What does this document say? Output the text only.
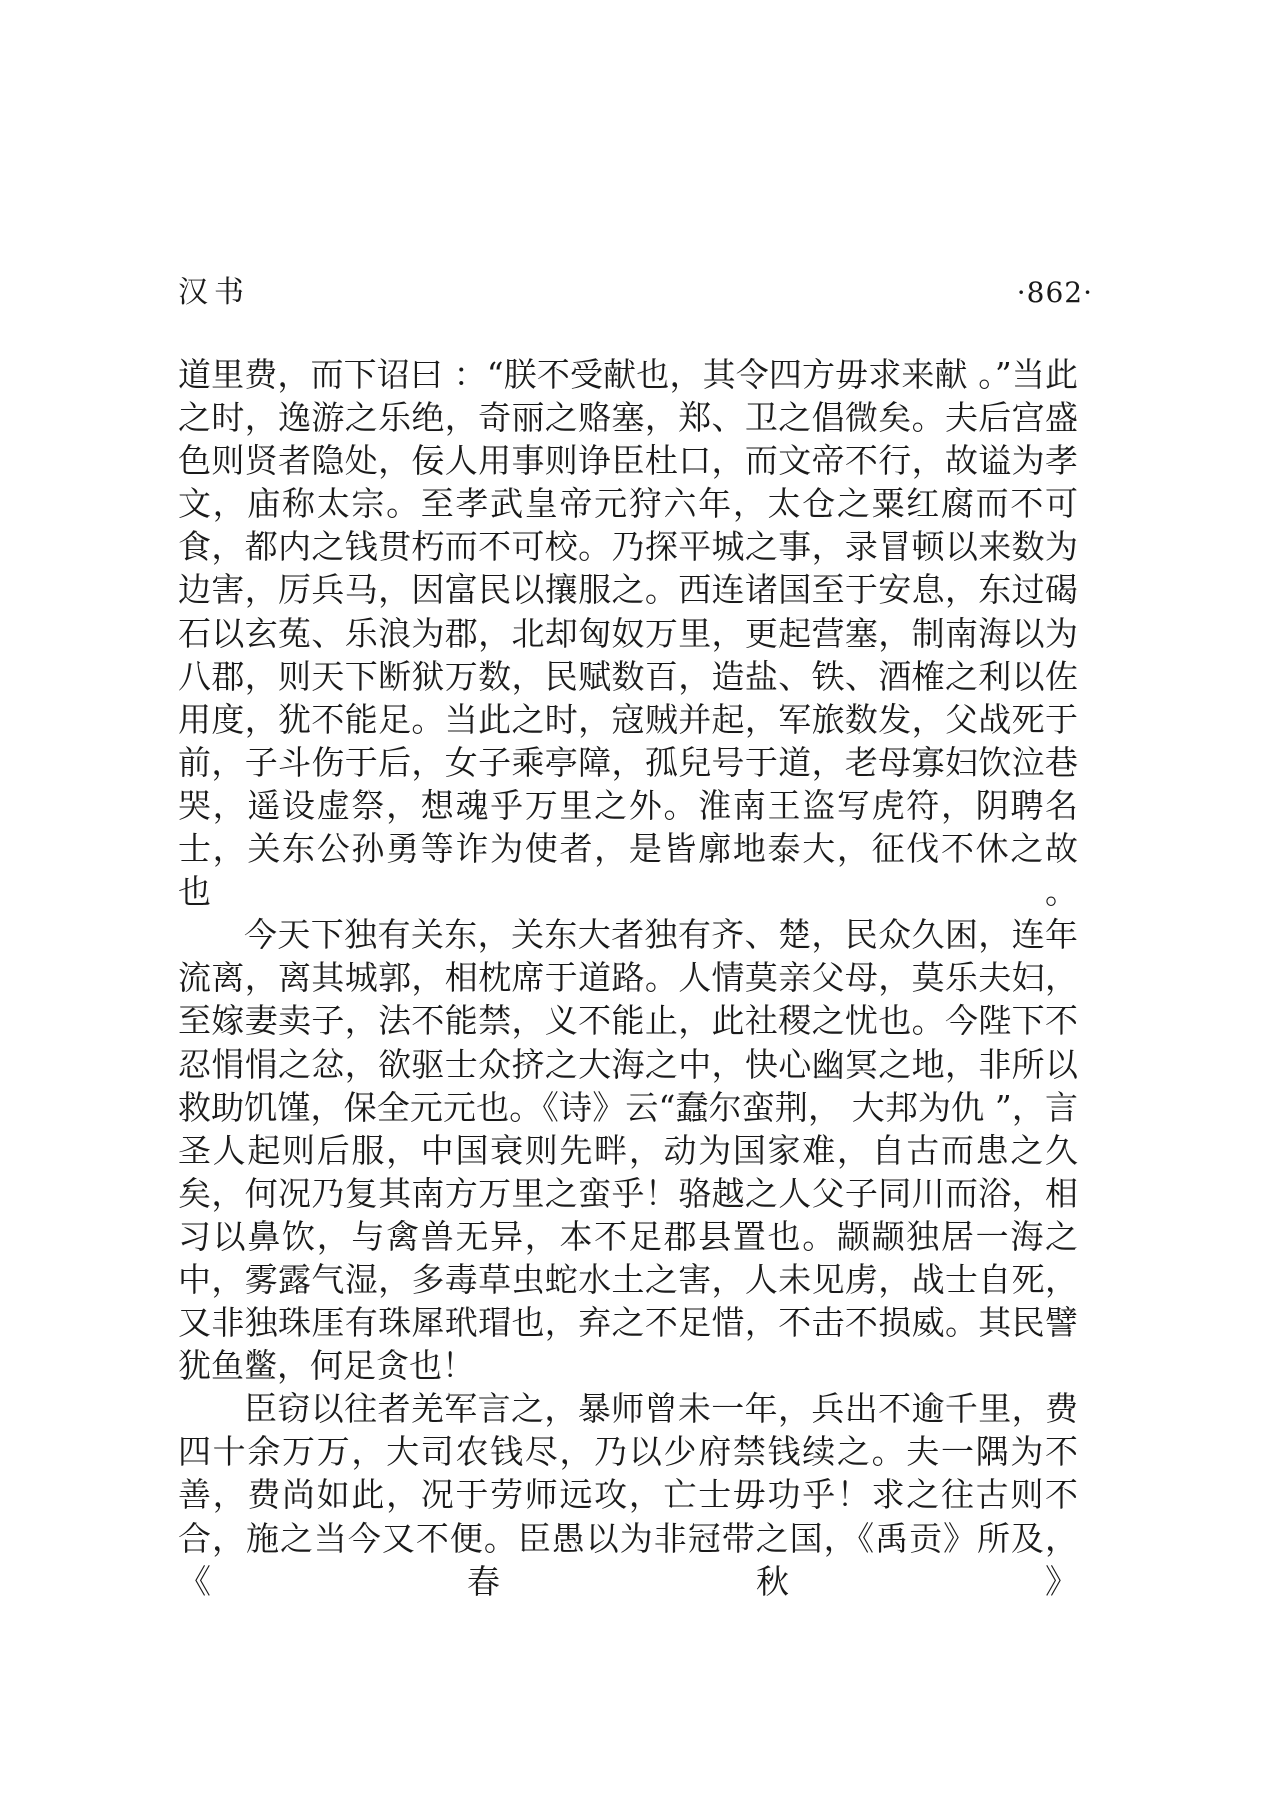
汉书	·862·

道里费，而下诏曰 ：“朕不受献也，其令四方毋求来献 。”当此之时，逸游之乐绝，奇丽之赂塞，郑、卫之倡微矣。夫后宫盛色则贤者隐处，佞人用事则诤臣杜口，而文帝不行，故谥为孝文，庙称太宗。至孝武皇帝元狩六年，太仓之粟红腐而不可食，都内之钱贯朽而不可校。乃探平城之事，录冒顿以来数为边害，厉兵马，因富民以攘服之。西连诸国至于安息，东过碣石以玄菟、乐浪为郡，北却匈奴万里，更起营塞，制南海以为八郡，则天下断狱万数，民赋数百，造盐、铁、酒榷之利以佐用度，犹不能足。当此之时，寇贼并起，军旅数发，父战死于前，子斗伤于后，女子乘亭障，孤兒号于道，老母寡妇饮泣巷哭，遥设虚祭，想魂乎万里之外。淮南王盗写虎符，阴聘名士，关东公孙勇等诈为使者，是皆廓地泰大，征伐不休之故也。

今天下独有关东，关东大者独有齐、楚，民众久困，连年流离，离其城郭，相枕席于道路。人情莫亲父母，莫乐夫妇，至嫁妻卖子，法不能禁，义不能止，此社稷之忧也。今陛下不忍悁悁之忿，欲驱士众挤之大海之中，快心幽冥之地，非所以救助饥馑，保全元元也。《诗》云“蠢尔蛮荆， 大邦为仇 ”，言圣人起则后服，中国衰则先畔，动为国家难，自古而患之久矣，何况乃复其南方万里之蛮乎！骆越之人父子同川而浴，相习以鼻饮，与禽兽无异，本不足郡县置也。颛颛独居一海之中，雾露气湿，多毒草虫蛇水土之害，人未见虏，战士自死，又非独珠厓有珠犀玳瑁也，弃之不足惜，不击不损威。其民譬犹鱼鳖，何足贪也！

臣窃以往者羌军言之，暴师曾未一年，兵出不逾千里，费四十余万万，大司农钱尽，乃以少府禁钱续之。夫一隅为不善，费尚如此，况于劳师远攻，亡士毋功乎！求之往古则不合，施之当今又不便。臣愚以为非冠带之国，《禹贡》所及，《春秋》
